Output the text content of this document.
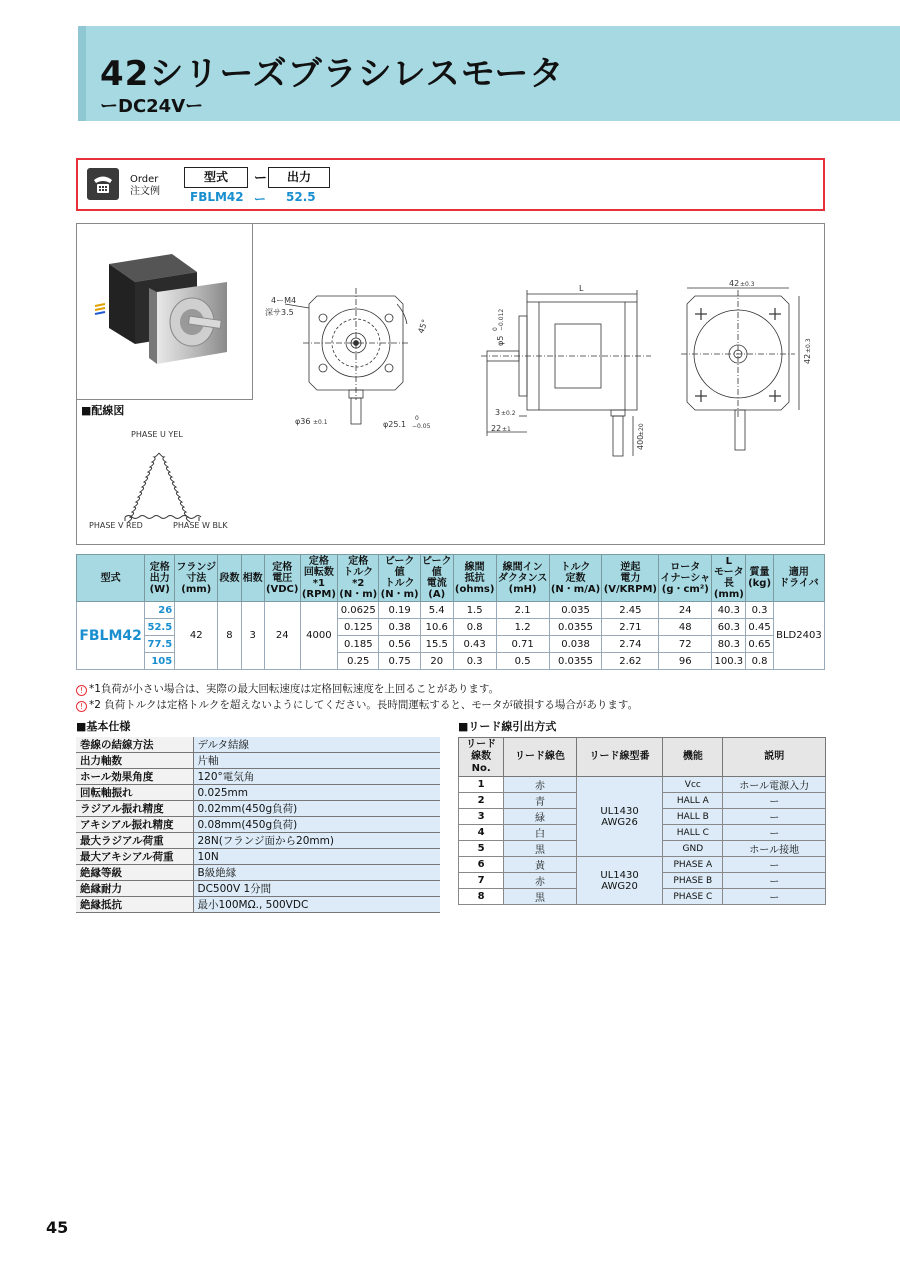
42シリーズブラシレスモータ
ーDC24Vー
Order
注文例
型式	ー	出力
FBLM42 ー 52.5
■配線図
PHASE U YEL
PHASE V RED	PHASE W BLK
4ーM4
深サ3.5
45°
φ36 ±0.1	φ25.1
0
−0.05
L
φ5
−0.012
0
3 ±0.2
22 ±1
400
±20
42 ±0.3
42
±0.3
型式	定格
出力
(W)	フランジ
寸法
(mm)	段数	相数	定格
電圧
(VDC)	定格
回転数
*1
(RPM)	定格
トルク
*2
(N・m)	ピーク
値
トルク
(N・m)	ピーク
値
電流
(A)	線間
抵抗
(ohms)	線間イン
ダクタンス
(mH)	トルク
定数
(N・m/A)	逆起
電力
(V/KRPM)	ロータ
イナーシャ
(g・cm²)	L
モータ
長
(mm)	質量
(kg)	適用
ドライバ
FBLM42	26	42	8	3	24	4000	0.0625	0.19	5.4	1.5	2.1	0.035	2.45	24	40.3	0.3	BLD2403
	52.5						0.125	0.38	10.6	0.8	1.2	0.0355	2.71	48	60.3	0.45	
	77.5						0.185	0.56	15.5	0.43	0.71	0.038	2.74	72	80.3	0.65	
	105						0.25	0.75	20	0.3	0.5	0.0355	2.62	96	100.3	0.8	
! *1負荷が小さい場合は、実際の最大回転速度は定格回転速度を上回ることがあります。
! *2 負荷トルクは定格トルクを超えないようにしてください。長時間運転すると、モータが破損する場合があります。
■基本仕様
巻線の結線方法	デルタ結線
出力軸数	片軸
ホール効果角度	120°電気角
回転軸振れ	0.025mm
ラジアル振れ精度	0.02mm(450g負荷)
アキシアル振れ精度	0.08mm(450g負荷)
最大ラジアル荷重	28N(フランジ面から20mm)
最大アキシアル荷重	10N
絶縁等級	B級絶縁
絶縁耐力	DC500V 1分間
絶縁抵抗	最小100MΩ., 500VDC
■リード線引出方式
リード
線数
No.	リード線色	リード線型番	機能	説明
1	赤	UL1430
AWG26	Vcc	ホール電源入力
2	青		HALL A	ー
3	緑		HALL B	ー
4	白		HALL C	ー
5	黒		GND	ホール接地
6	黄	UL1430
AWG20	PHASE A	ー
7	赤		PHASE B	ー
8	黒		PHASE C	ー
45
